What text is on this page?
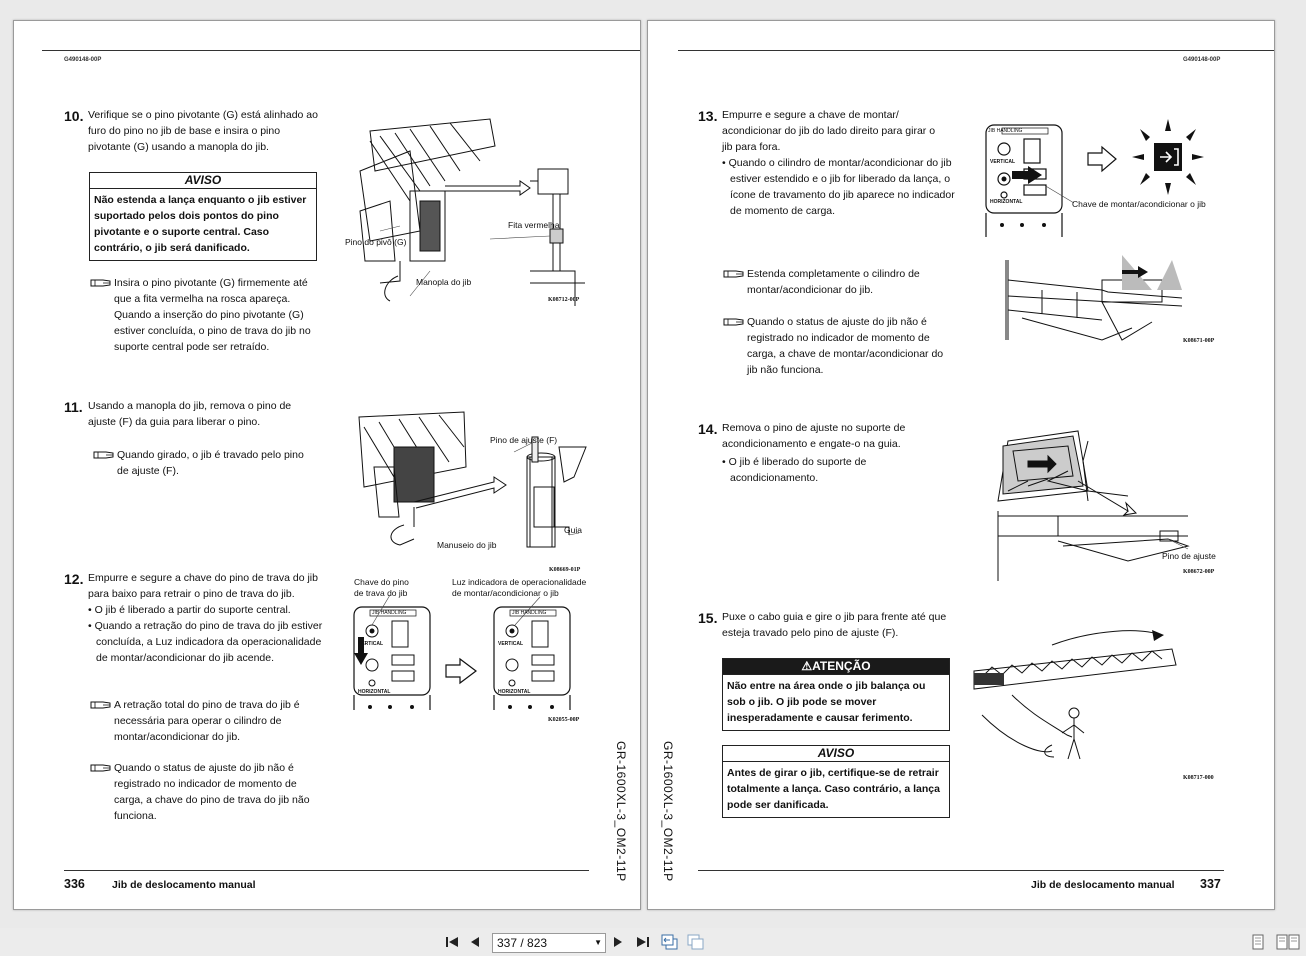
G490148-00P
10. Verifique se o pino pivotante (G) está alinhado ao furo do pino no jib de base e insira o pino pivotante (G) usando a manopla do jib.
AVISO
Não estenda a lança enquanto o jib estiver suportado pelos dois pontos do pino pivotante e o suporte central. Caso contrário, o jib será danificado.
Insira o pino pivotante (G) firmemente até que a fita vermelha na rosca apareça. Quando a inserção do pino pivotante (G) estiver concluída, o pino de trava do jib no suporte central pode ser retraído.
Fita vermelha
Pino do pivô (G)
Manopla do jib
K08712-00P
11. Usando a manopla do jib, remova o pino de ajuste (F) da guia para liberar o pino.
Quando girado, o jib é travado pelo pino de ajuste (F).
Pino de ajuste (F)
Guia
Manuseio do jib
K08669-01P
12. Empurre e segure a chave do pino de trava do jib para baixo para retrair o pino de trava do jib.
• O jib é liberado a partir do suporte central.
• Quando a retração do pino de trava do jib estiver concluída, a Luz indicadora da operacionalidade de montar/acondicionar do jib acende.
A retração total do pino de trava do jib é necessária para operar o cilindro de montar/acondicionar do jib.
Quando o status de ajuste do jib não é registrado no indicador de momento de carga, a chave do pino de trava do jib não funciona.
Chave do pino
de trava do jib
Luz indicadora de operacionalidade
de montar/acondicionar o jib
JIB HANDLING	JIB HANDLING
VERTICAL	VERTICAL
HORIZONTAL	HORIZONTAL
K02055-00P
GR-1600XL-3_OM2-11P
336	Jib de deslocamento manual
G490148-00P
13. Empurre e segure a chave de montar/ acondicionar do jib do lado direito para girar o jib para fora.
• Quando o cilindro de montar/acondicionar do jib estiver estendido e o jib for liberado da lança, o ícone de travamento do jib aparece no indicador de momento de carga.
Estenda completamente o cilindro de montar/acondicionar do jib.
Quando o status de ajuste do jib não é registrado no indicador de momento de carga, a chave de montar/acondicionar do jib não funciona.
JIB HANDLING
VERTICAL
HORIZONTAL	Chave de montar/acondicionar o jib
K08671-00P
14. Remova o pino de ajuste no suporte de acondicionamento e engate-o na guia.
• O jib é liberado do suporte de acondicionamento.
Pino de ajuste
K08672-00P
15. Puxe o cabo guia e gire o jib para frente até que esteja travado pelo pino de ajuste (F).
⚠ATENÇÃO
Não entre na área onde o jib balança ou sob o jib. O jib pode se mover inesperadamente e causar ferimento.
AVISO
Antes de girar o jib, certifique-se de retrair totalmente a lança. Caso contrário, a lança pode ser danificada.
K08717-000
GR-1600XL-3_OM2-11P
Jib de deslocamento manual 337
337 / 823	▼
